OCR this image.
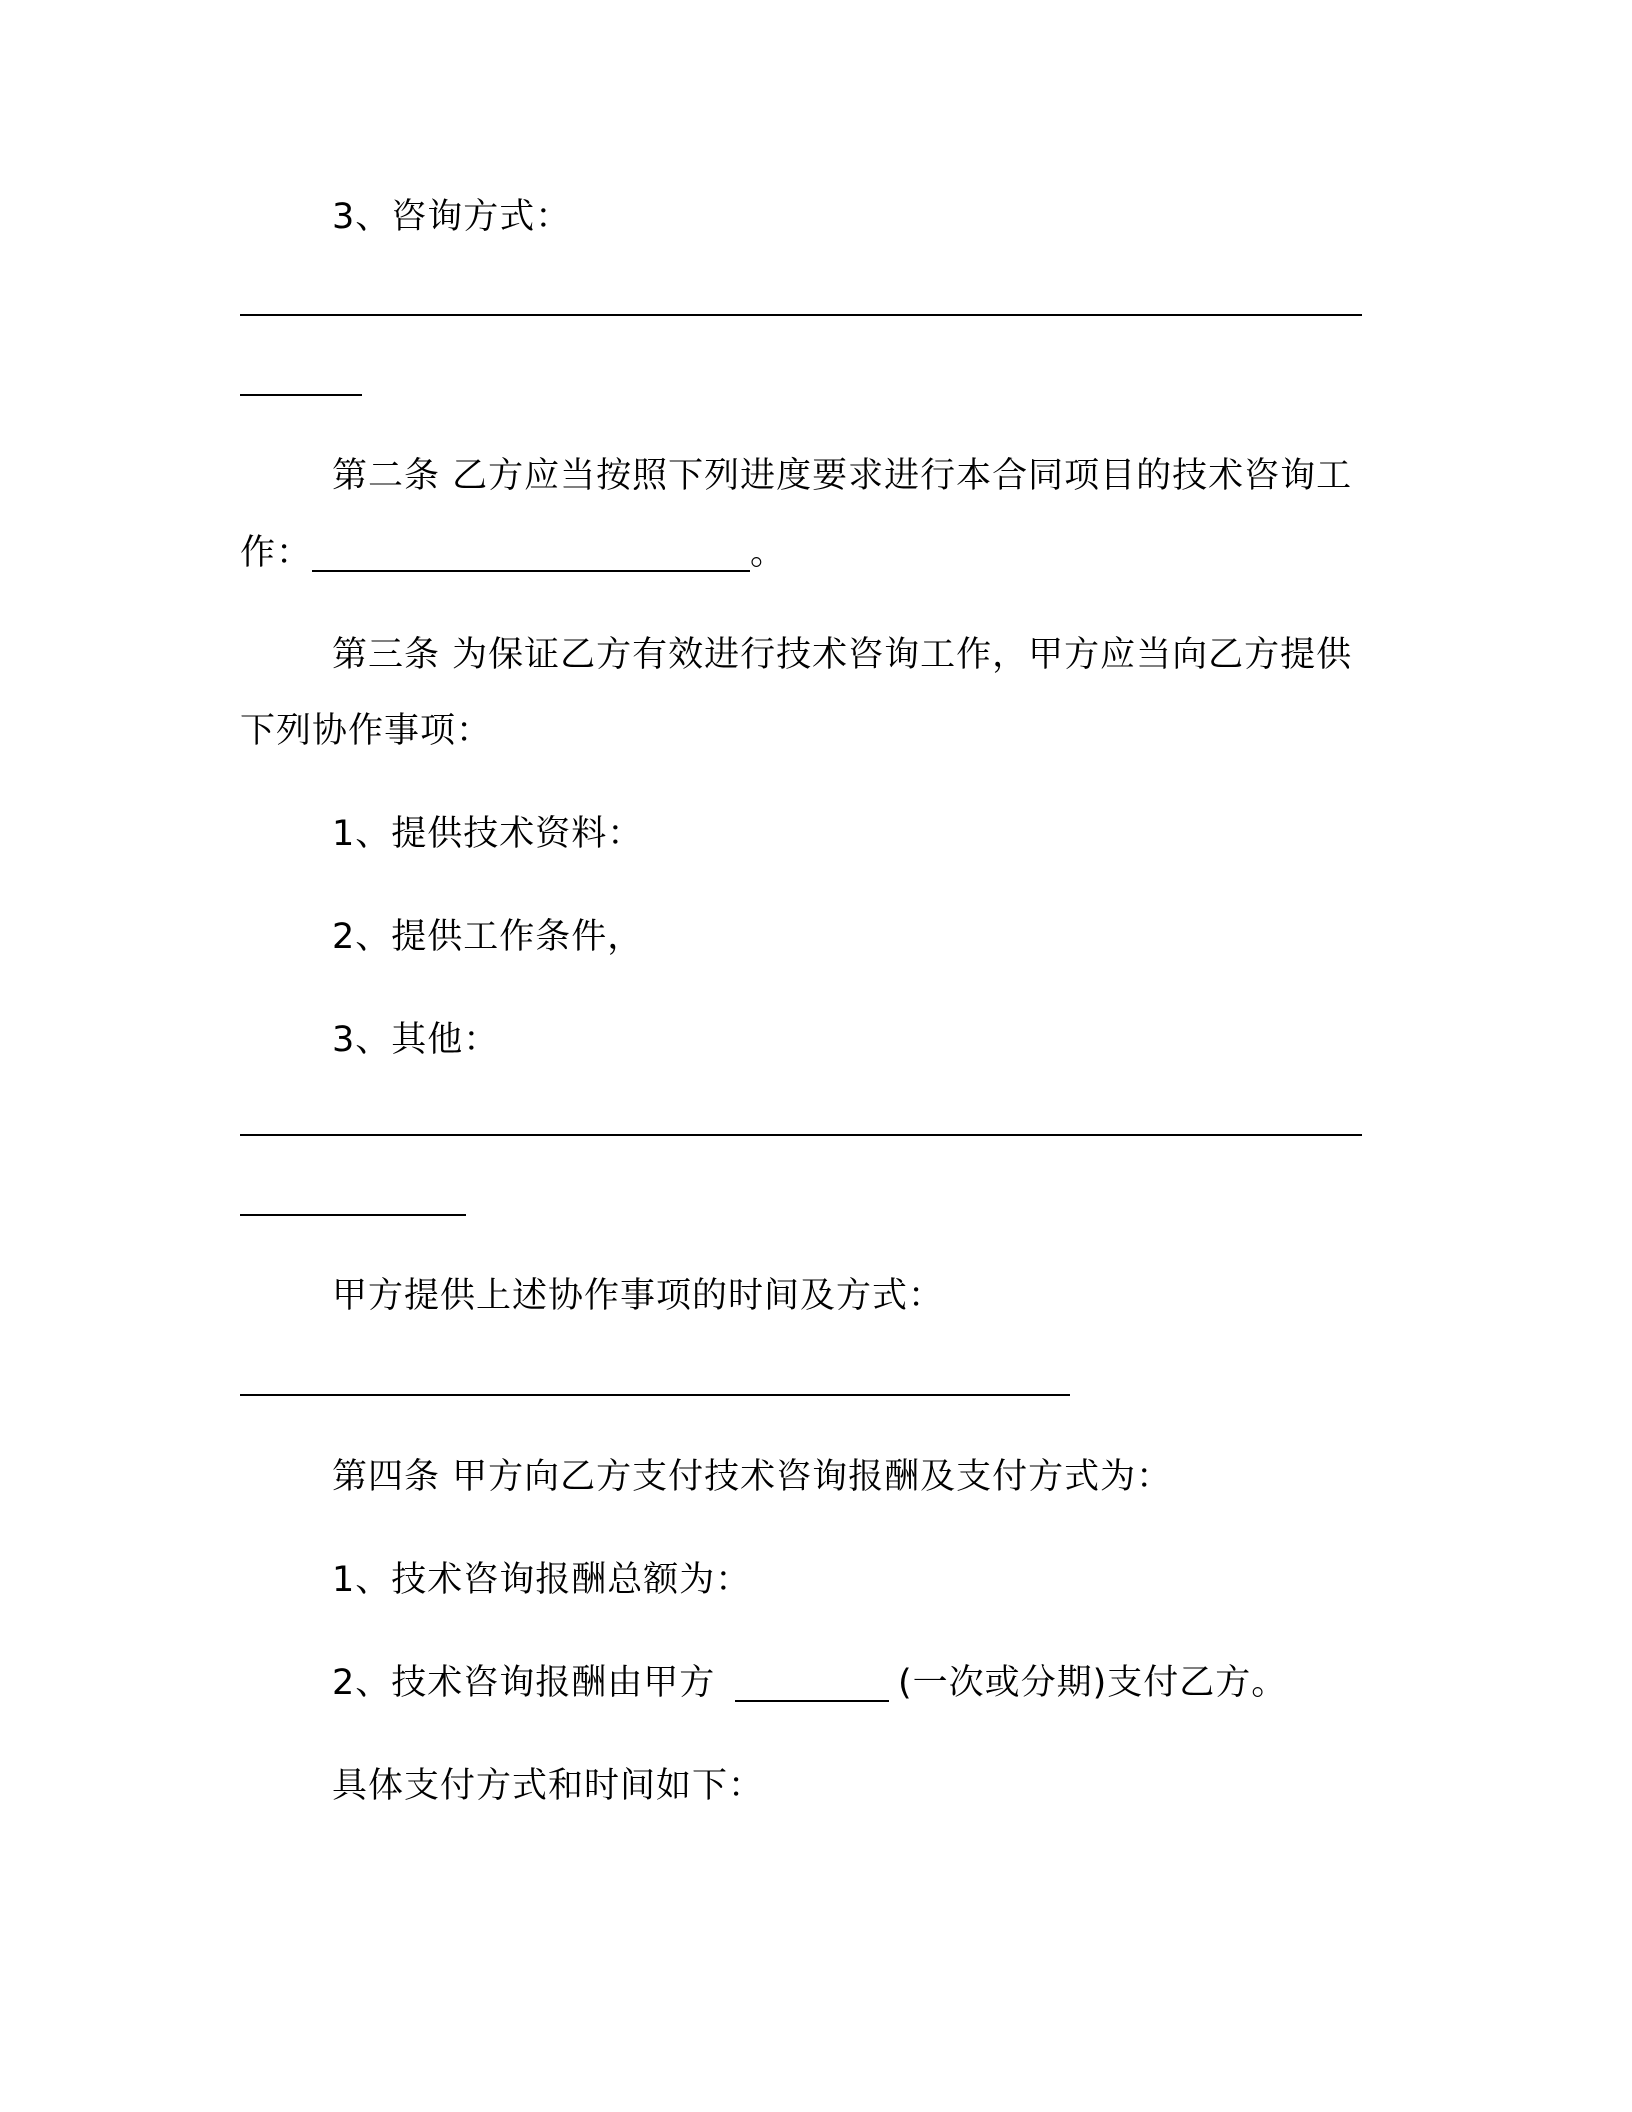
3、咨询方式：
第二条 乙方应当按照下列进度要求进行本合同项目的技术咨询工
作：	。
第三条 为保证乙方有效进行技术咨询工作，甲方应当向乙方提供
下列协作事项：
1、提供技术资料：
2、提供工作条件，
3、其他：
甲方提供上述协作事项的时间及方式：
第四条 甲方向乙方支付技术咨询报酬及支付方式为：
1、技术咨询报酬总额为：
2、技术咨询报酬由甲方	(一次或分期)支付乙方。
具体支付方式和时间如下：
